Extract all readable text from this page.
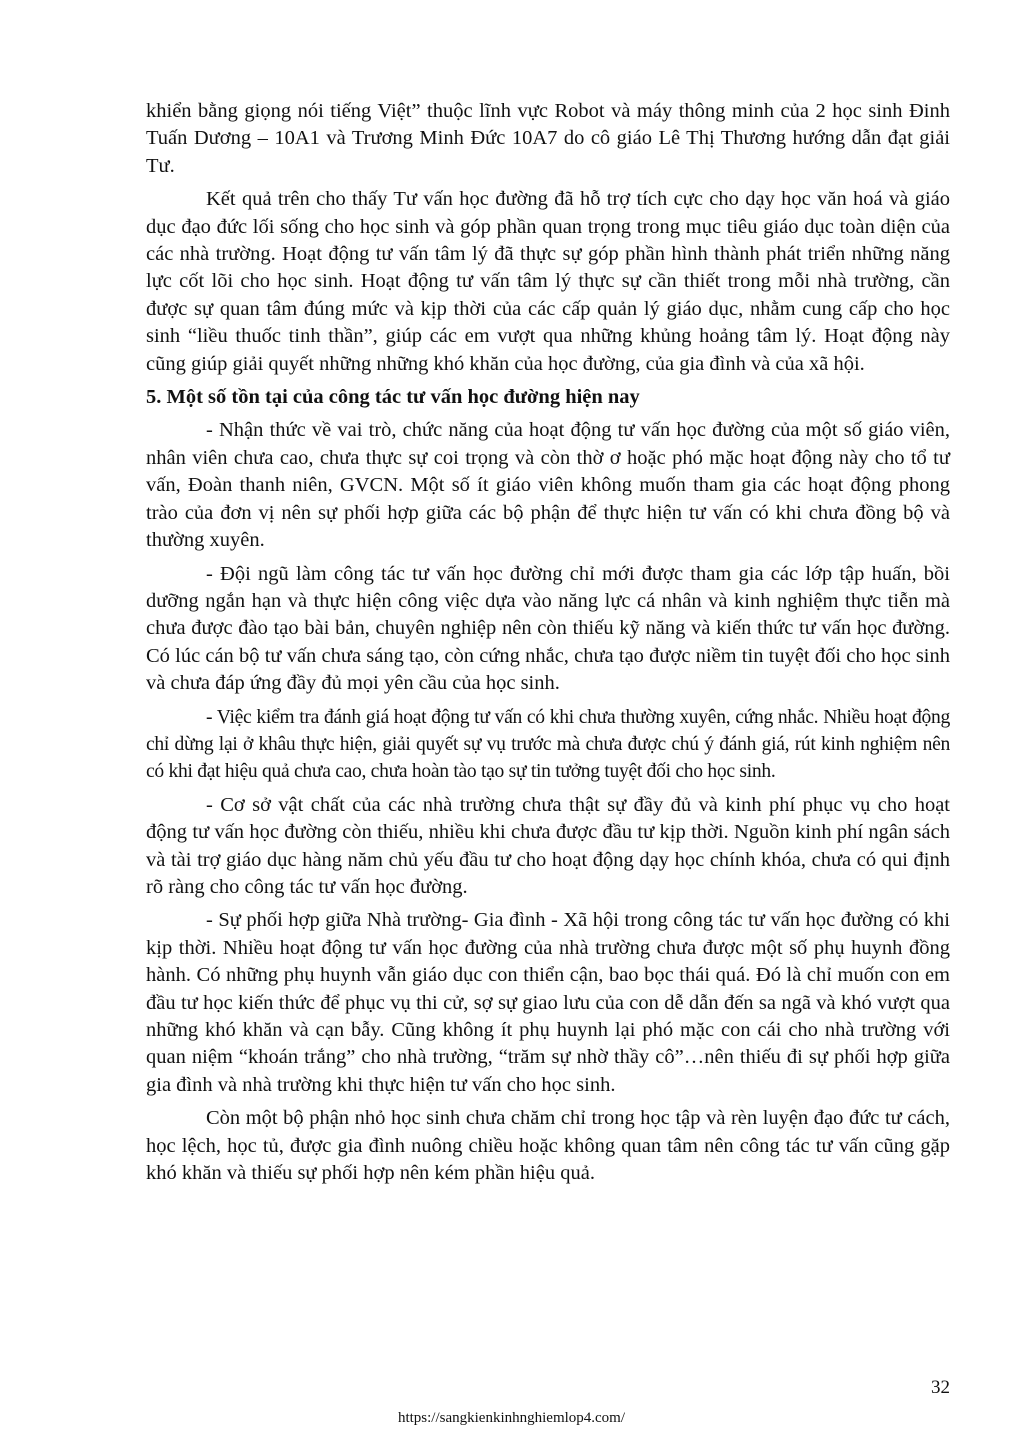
khiển bằng giọng nói tiếng Việt” thuộc lĩnh vực Robot và máy thông minh của 2 học sinh Đinh Tuấn Dương – 10A1 và Trương Minh Đức 10A7 do cô giáo Lê Thị Thương hướng dẫn đạt giải Tư.

Kết quả trên cho thấy Tư vấn học đường đã hỗ trợ tích cực cho dạy học văn hoá và giáo dục đạo đức lối sống cho học sinh và góp phần quan trọng trong mục tiêu giáo dục toàn diện của các nhà trường. Hoạt động tư vấn tâm lý đã thực sự góp phần hình thành phát triển những năng lực cốt lõi cho học sinh. Hoạt động tư vấn tâm lý thực sự cần thiết trong mỗi nhà trường, cần được sự quan tâm đúng mức và kịp thời của các cấp quản lý giáo dục, nhằm cung cấp cho học sinh “liều thuốc tinh thần”, giúp các em vượt qua những khủng hoảng tâm lý. Hoạt động này cũng giúp giải quyết những những khó khăn của học đường, của gia đình và của xã hội.

5. Một số tồn tại của công tác tư vấn học đường hiện nay

- Nhận thức về vai trò, chức năng của hoạt động tư vấn học đường của một số giáo viên, nhân viên chưa cao, chưa thực sự coi trọng và còn thờ ơ hoặc phó mặc hoạt động này cho tổ tư vấn, Đoàn thanh niên, GVCN. Một số ít giáo viên không muốn tham gia các hoạt động phong trào của đơn vị nên sự phối hợp giữa các bộ phận để thực hiện tư vấn có khi chưa đồng bộ và thường xuyên.

- Đội ngũ làm công tác tư vấn học đường chỉ mới được tham gia các lớp tập huấn, bồi dưỡng ngắn hạn và thực hiện công việc dựa vào năng lực cá nhân và kinh nghiệm thực tiễn mà chưa được đào tạo bài bản, chuyên nghiệp nên còn thiếu kỹ năng và kiến thức tư vấn học đường. Có lúc cán bộ tư vấn chưa sáng tạo, còn cứng nhắc, chưa tạo được niềm tin tuyệt đối cho học sinh và chưa đáp ứng đầy đủ mọi yên cầu của học sinh.

- Việc kiểm tra đánh giá hoạt động tư vấn có khi chưa thường xuyên, cứng nhắc. Nhiều hoạt động chỉ dừng lại ở khâu thực hiện, giải quyết sự vụ trước mà chưa được chú ý đánh giá, rút kinh nghiệm nên có khi đạt hiệu quả chưa cao, chưa hoàn tào tạo sự tin tưởng tuyệt đối cho học sinh.

- Cơ sở vật chất của các nhà trường chưa thật sự đầy đủ và kinh phí phục vụ cho hoạt động tư vấn học đường còn thiếu, nhiều khi chưa được đầu tư kịp thời. Nguồn kinh phí ngân sách và tài trợ giáo dục hàng năm chủ yếu đầu tư cho hoạt động dạy học chính khóa, chưa có qui định rõ ràng cho công tác tư vấn học đường.

- Sự phối hợp giữa Nhà trường- Gia đình - Xã hội trong công tác tư vấn học đường có khi kịp thời. Nhiều hoạt động tư vấn học đường của nhà trường chưa được một số phụ huynh đồng hành. Có những phụ huynh vẫn giáo dục con thiển cận, bao bọc thái quá. Đó là chỉ muốn con em đầu tư học kiến thức để phục vụ thi cử, sợ sự giao lưu của con dễ dẫn đến sa ngã và khó vượt qua những khó khăn và cạn bẫy. Cũng không ít phụ huynh lại phó mặc con cái cho nhà trường với quan niệm “khoán trắng” cho nhà trường, “trăm sự nhờ thầy cô”…nên thiếu đi sự phối hợp giữa gia đình và nhà trường khi thực hiện tư vấn cho học sinh.

Còn một bộ phận nhỏ học sinh chưa chăm chỉ trong học tập và rèn luyện đạo đức tư cách, học lệch, học tủ, được gia đình nuông chiều hoặc không quan tâm nên công tác tư vấn cũng gặp khó khăn và thiếu sự phối hợp nên kém phần hiệu quả.

32
https://sangkienkinhnghiemlop4.com/
